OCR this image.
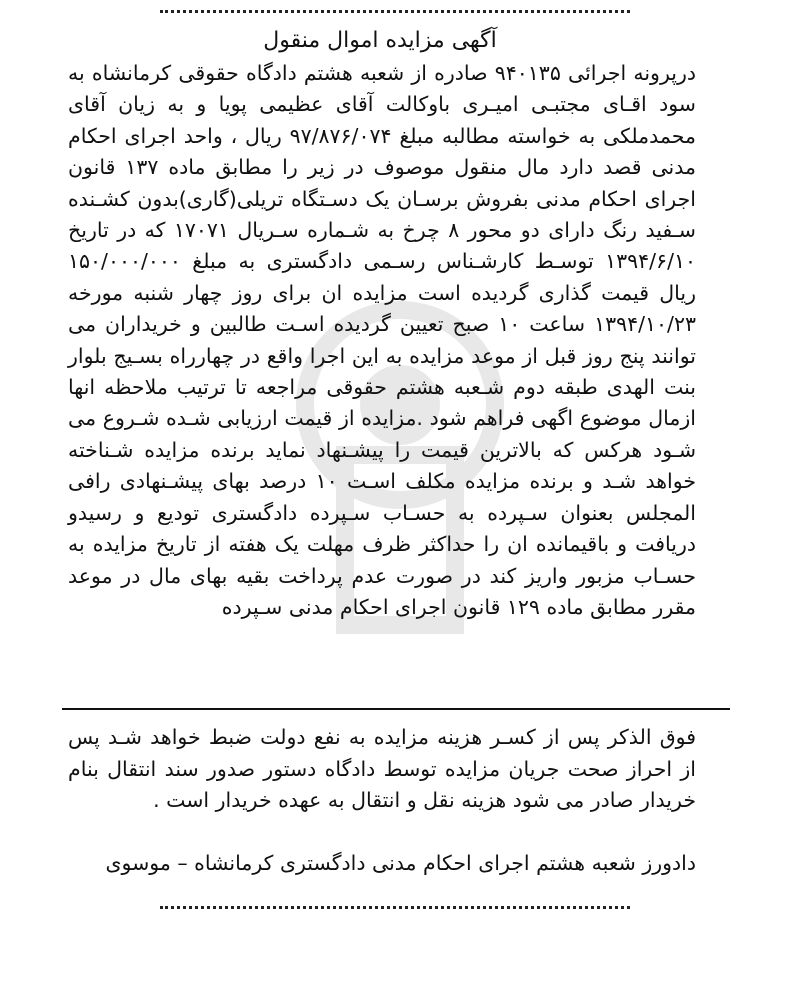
آگهی مزایده اموال منقول
درپرونه اجرائی ۹۴۰۱۳۵ صادره از شعبه هشتم دادگاه حقوقی کرمانشاه به سود اقـای مجتبـی امیـری باوکالت آقای عظیمی پویا و به زیان آقای محمدملکی به خواسته مطالبه مبلغ ۹۷/۸۷۶/۰۷۴ ریال ، واحد اجرای احکام مدنی قصد دارد مال منقول موصوف در زیر را مطابق ماده ۱۳۷ قانون اجرای احکام مدنی بفروش برسـان یک دسـتگاه تریلی(گاری)بدون کشـنده سـفید رنگ دارای دو محور ۸ چرخ به شـماره سـریال ۱۷۰۷۱ که در تاریخ ۱۳۹۴/۶/۱۰ توسـط کارشـناس رسـمی دادگستری به مبلغ ۱۵۰/۰۰۰/۰۰۰ ریال قیمت گذاری گردیده است مزایده ان برای روز چهار شنبه مورخه ۱۳۹۴/۱۰/۲۳ ساعت ۱۰ صبح تعیین گردیده اسـت طالبین و خریداران می توانند پنج روز قبل از موعد مزایده به این اجرا واقع در چهارراه بسـیج بلوار بنت الهدی طبقه دوم شـعبه هشتم حقوقی مراجعه تا ترتیب ملاحظه انها ازمال موضوع اگهی فراهم شود .مزایده از قیمت ارزیابی شـده شـروع می شـود هرکس که بالاترین قیمت را پیشـنهاد نماید برنده مزایده شـناخته خواهد شـد و برنده مزایده مکلف اسـت ۱۰ درصد بهای پیشـنهادی رافی المجلس بعنوان سـپرده به حسـاب سـپرده دادگستری تودیع و رسیدو دریافت و باقیمانده ان را حداکثر ظرف مهلت یک هفته از تاریخ مزایده به حسـاب مزبور واریز کند در صورت عدم پرداخت بقیه بهای مال در موعد مقرر مطابق ماده ۱۲۹ قانون اجرای احکام مدنی سـپرده
فوق الذکر پس از کسـر هزینه مزایده به نفع دولت ضبط خواهد شـد پس از احراز صحت جریان مزایده توسط دادگاه دستور صدور سند انتقال بنام خریدار صادر می شود هزینه نقل و انتقال به عهده خریدار است .
دادورز شعبه هشتم اجرای احکام مدنی دادگستری کرمانشاه – موسوی
